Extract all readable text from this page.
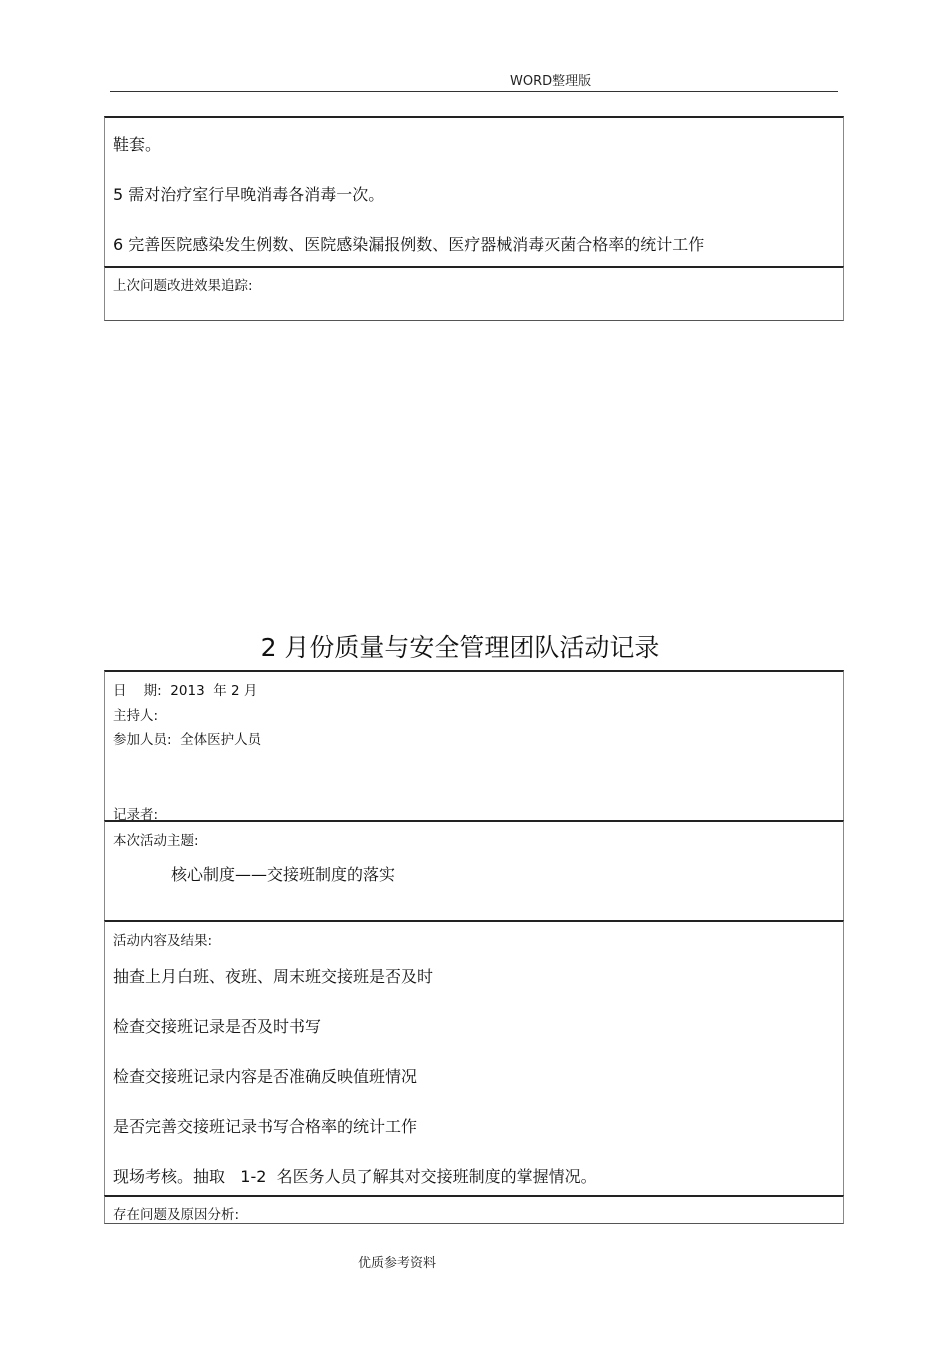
WORD整理版
鞋套。
5 需对治疗室行早晚消毒各消毒一次。
6 完善医院感染发生例数、医院感染漏报例数、医疗器械消毒灭菌合格率的统计工作
上次问题改进效果追踪:
2 月份质量与安全管理团队活动记录
日    期:  2013  年 2 月
主持人:
参加人员:  全体医护人员
记录者:
本次活动主题:
核心制度——交接班制度的落实
活动内容及结果:
抽查上月白班、夜班、周末班交接班是否及时
检查交接班记录是否及时书写
检查交接班记录内容是否准确反映值班情况
是否完善交接班记录书写合格率的统计工作
现场考核。抽取   1-2  名医务人员了解其对交接班制度的掌握情况。
存在问题及原因分析:
优质参考资料
